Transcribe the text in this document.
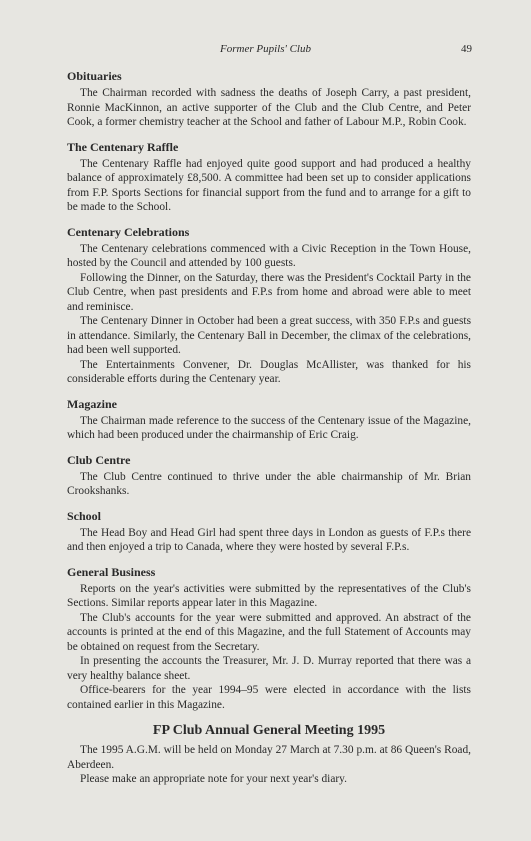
Former Pupils' Club	49
Obituaries

The Chairman recorded with sadness the deaths of Joseph Carry, a past president, Ronnie MacKinnon, an active supporter of the Club and the Club Centre, and Peter Cook, a former chemistry teacher at the School and father of Labour M.P., Robin Cook.

The Centenary Raffle

The Centenary Raffle had enjoyed quite good support and had produced a healthy balance of approximately £8,500. A committee had been set up to consider applications from F.P. Sports Sections for financial support from the fund and to arrange for a gift to be made to the School.

Centenary Celebrations

The Centenary celebrations commenced with a Civic Reception in the Town House, hosted by the Council and attended by 100 guests.

Following the Dinner, on the Saturday, there was the President's Cocktail Party in the Club Centre, when past presidents and F.P.s from home and abroad were able to meet and reminisce.

The Centenary Dinner in October had been a great success, with 350 F.P.s and guests in attendance. Similarly, the Centenary Ball in December, the climax of the celebrations, had been well supported.

The Entertainments Convener, Dr. Douglas McAllister, was thanked for his considerable efforts during the Centenary year.

Magazine

The Chairman made reference to the success of the Centenary issue of the Magazine, which had been produced under the chairmanship of Eric Craig.

Club Centre

The Club Centre continued to thrive under the able chairmanship of Mr. Brian Crookshanks.

School

The Head Boy and Head Girl had spent three days in London as guests of F.P.s there and then enjoyed a trip to Canada, where they were hosted by several F.P.s.

General Business

Reports on the year's activities were submitted by the representatives of the Club's Sections. Similar reports appear later in this Magazine.

The Club's accounts for the year were submitted and approved. An abstract of the accounts is printed at the end of this Magazine, and the full Statement of Accounts may be obtained on request from the Secretary.

In presenting the accounts the Treasurer, Mr. J. D. Murray reported that there was a very healthy balance sheet.

Office-bearers for the year 1994–95 were elected in accordance with the lists contained earlier in this Magazine.

FP Club Annual General Meeting 1995

The 1995 A.G.M. will be held on Monday 27 March at 7.30 p.m. at 86 Queen's Road, Aberdeen.

Please make an appropriate note for your next year's diary.
